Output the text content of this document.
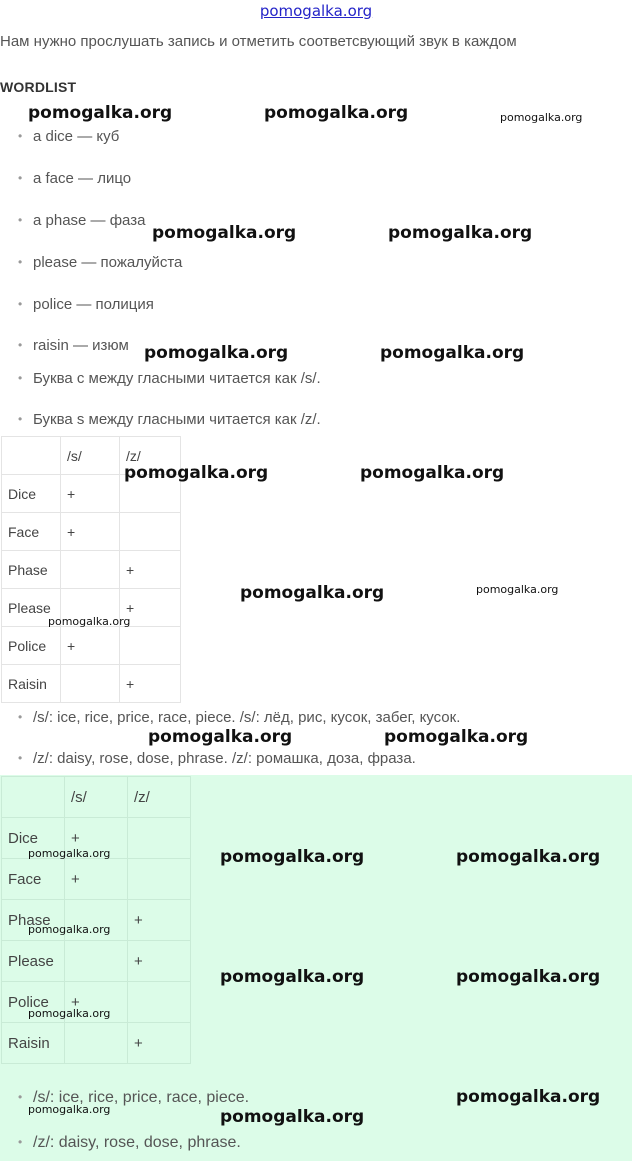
pomogalka.org
Нам нужно прослушать запись и отметить соответсвующий звук в каждом
WORDLIST
• a dice — куб
• a face — лицо
• a phase — фаза
• please — пожалуйста
• police — полиция
• raisin — изюм
• Буква c между гласными читается как /s/.
• Буква s между гласными читается как /z/.
	/s/	/z/
Dice	+	
Face	+	
Phase		+
Please		+
Police	+	
Raisin		+
• /s/: ice, rice, price, race, piece. /s/: лёд, рис, кусок, забег, кусок.
• /z/: daisy, rose, dose, phrase. /z/: ромашка, доза, фраза.
	/s/	/z/
Dice	+	
Face	+	
Phase		+
Please		+
Police	+	
Raisin		+
• /s/: ice, rice, price, race, piece.
• /z/: daisy, rose, dose, phrase.
pomogalka.org	pomogalka.org	pomogalka.org
pomogalka.org	pomogalka.org
pomogalka.org	pomogalka.org
pomogalka.org	pomogalka.org
pomogalka.org	pomogalka.org
pomogalka.org
pomogalka.org	pomogalka.org
pomogalka.org	pomogalka.org	pomogalka.org
pomogalka.org
pomogalka.org	pomogalka.org
pomogalka.org
pomogalka.org
pomogalka.org	pomogalka.org
